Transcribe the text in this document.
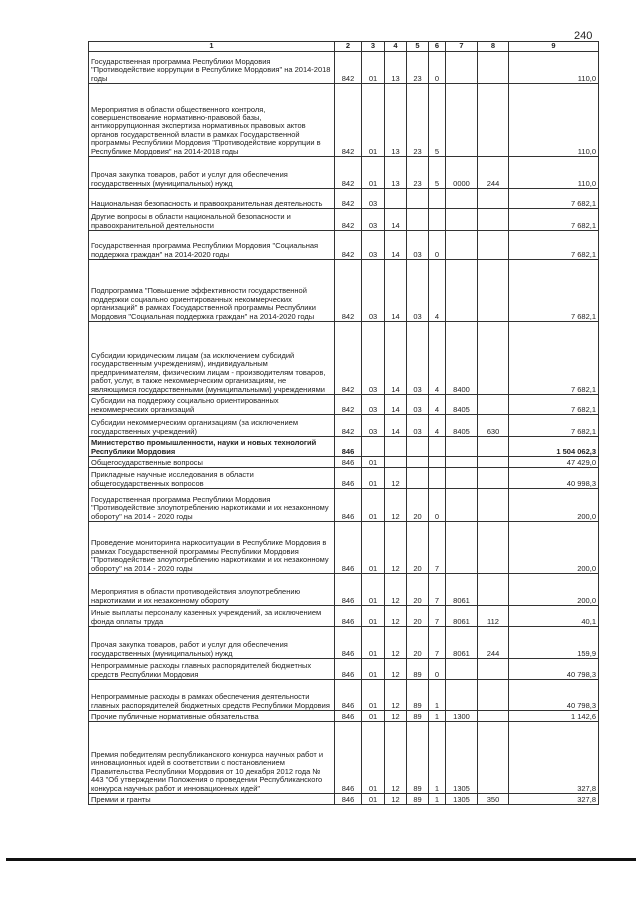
240
1	2	3	4	5	6	7	8	9
Государственная программа Республики Мордовия "Противодействие коррупции в Республике Мордовия" на 2014-2018 годы	842	01	13	23	0			110,0
Мероприятия в области общественного контроля, совершенствование нормативно-правовой базы, антикоррупционная экспертиза нормативных правовых актов органов государственной власти в рамках Государственной программы Республики Мордовия "Противодействие коррупции в Республике Мордовия" на 2014-2018 годы	842	01	13	23	5			110,0
Прочая закупка товаров, работ и услуг для обеспечения государственных (муниципальных) нужд	842	01	13	23	5	0000	244	110,0
Национальная безопасность и правоохранительная деятельность	842	03						7 682,1
Другие вопросы в области национальной безопасности и правоохранительной деятельности	842	03	14					7 682,1
Государственная программа Республики Мордовия "Социальная поддержка граждан" на 2014-2020 годы	842	03	14	03	0			7 682,1
Подпрограмма "Повышение эффективности государственной поддержки социально ориентированных некоммерческих организаций" в рамках Государственной программы Республики Мордовия "Социальная поддержка граждан" на 2014-2020 годы	842	03	14	03	4			7 682,1
Субсидии юридическим лицам (за исключением субсидий государственным учреждениям), индивидуальным предпринимателям, физическим лицам - производителям товаров, работ, услуг, в также некоммерческим организациям, не являющимся государственными (муниципальными) учреждениями	842	03	14	03	4	8400		7 682,1
Субсидии на поддержку социально ориентированных некоммерческих организаций	842	03	14	03	4	8405		7 682,1
Субсидии некоммерческим организациям (за исключением государственных учреждений)	842	03	14	03	4	8405	630	7 682,1
Министерство промышленности, науки и новых технологий Республики Мордовия	846							1 504 062,3
Общегосударственные вопросы	846	01						47 429,0
Прикладные научные исследования в области общегосударственных вопросов	846	01	12					40 998,3
Государственная программа Республики Мордовия "Противодействие злоупотреблению наркотиками и их незаконному обороту" на 2014 - 2020 годы	846	01	12	20	0			200,0
Проведение мониторинга наркоситуации в Республике Мордовия в рамках Государственной программы Республики Мордовия "Противодействие злоупотреблению наркотиками и их незаконному обороту" на 2014 - 2020 годы	846	01	12	20	7			200,0
Мероприятия в области противодействия злоупотреблению наркотиками и их незаконному обороту	846	01	12	20	7	8061		200,0
Иные выплаты персоналу казенных учреждений, за исключением фонда оплаты труда	846	01	12	20	7	8061	112	40,1
Прочая закупка товаров, работ и услуг для обеспечения государственных (муниципальных) нужд	846	01	12	20	7	8061	244	159,9
Непрограммные расходы главных распорядителей бюджетных средств Республики Мордовия	846	01	12	89	0			40 798,3
Непрограммные расходы в рамках обеспечения деятельности главных распорядителей бюджетных средств Республики Мордовия	846	01	12	89	1			40 798,3
Прочие публичные нормативные обязательства	846	01	12	89	1	1300		1 142,6
Премия победителям республиканского конкурса научных работ и инновационных идей в соответствии с постановлением Правительства Республики Мордовия от 10 декабря 2012 года № 443 "Об утверждении Положения о проведении Республиканского конкурса научных работ и инновационных идей"	846	01	12	89	1	1305		327,8
Премии и гранты	846	01	12	89	1	1305	350	327,8
